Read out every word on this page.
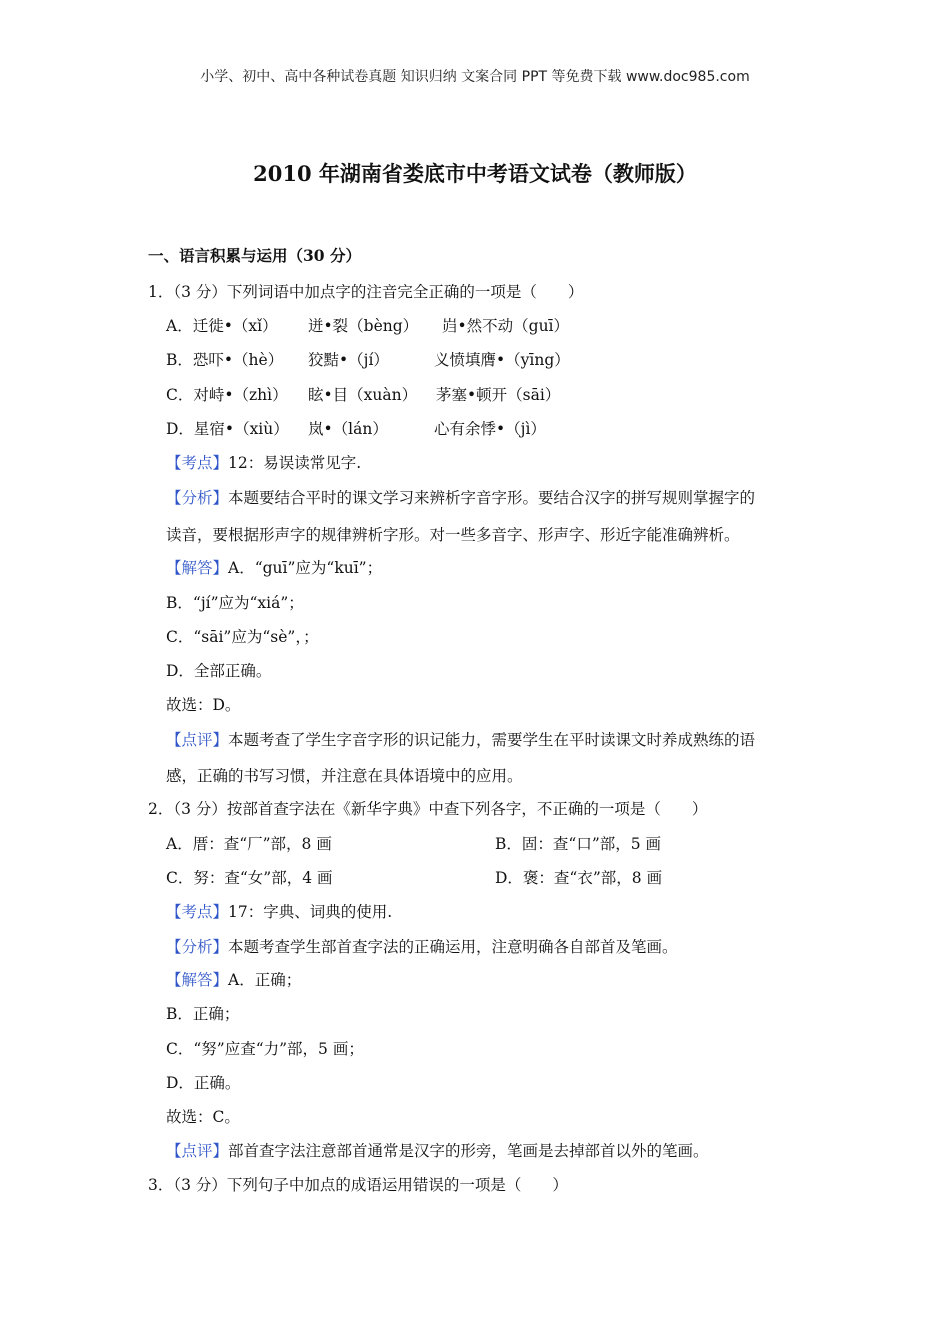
小学、初中、高中各种试卷真题 知识归纳 文案合同 PPT 等免费下载 www.doc985.com
2010 年湖南省娄底市中考语文试卷（教师版）
一、语言积累与运用（30 分）
1．（3 分）下列词语中加点字的注音完全正确的一项是（　　）
A．迁徙•（xǐ） 迸•裂（bèng） 岿•然不动（guī）
B．恐吓•（hè） 狡黠•（jí）	义愤填膺•（yīng）
C．对峙•（zhì） 眩•目（xuàn） 茅塞•顿开（sāi）
D．星宿•（xiù） 岚•（lán）	心有余悸•（jì）
【考点】12：易误读常见字.
【分析】本题要结合平时的课文学习来辨析字音字形。要结合汉字的拼写规则掌握字的
读音，要根据形声字的规律辨析字形。对一些多音字、形声字、形近字能准确辨析。
【解答】A．“guī”应为“kuī”；
B．“jí”应为“xiá”；
C．“sāi”应为“sè”，；
D．全部正确。
故选：D。
【点评】本题考查了学生字音字形的识记能力，需要学生在平时读课文时养成熟练的语
感，正确的书写习惯，并注意在具体语境中的应用。
2．（3 分）按部首查字法在《新华字典》中查下列各字，不正确的一项是（　　）
A．厝：查“厂”部，8 画	B．固：查“口”部，5 画
C．努：查“女”部，4 画	D．褒：查“衣”部，8 画
【考点】17：字典、词典的使用.
【分析】本题考查学生部首查字法的正确运用，注意明确各自部首及笔画。
【解答】A．正确；
B．正确；
C．“努”应查“力”部，5 画；
D．正确。
故选：C。
【点评】部首查字法注意部首通常是汉字的形旁，笔画是去掉部首以外的笔画。
3．（3 分）下列句子中加点的成语运用错误的一项是（　　）
